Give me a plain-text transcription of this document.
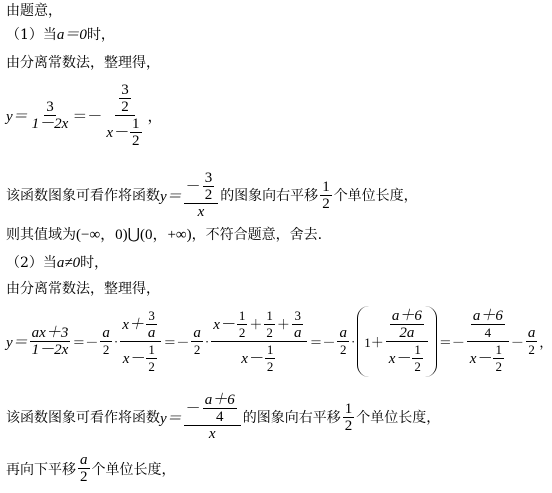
由题意，
（1）当a＝0时，
由分离常数法，整理得，
$y= \frac{3}{1-2x} =- 3$
2
x－
1
2 ，
该函数图象可看作将函数 y＝ －
3
2
x 的图象向右平移
1
2 个单位长度，
则其值域为(−∞，0)⋃(0，+∞)，不符合题意，舍去.
（2）当a≠0时，
由分离常数法，整理得，
$y= \frac{ax+3}{1-2x}$ ＝－
a
2
· x＋
3
a
x－
1
2 ＝－
a
2
· x－
1
2
＋
1
2
＋
3
a
x－
1
2 ＝－
a
2
· 1＋ a＋6
2a
x－
1
2 ＝－ a＋6
4
x－
1
2 －
a
2 ，
该函数图象可看作将函数 y＝ －
a＋6
4
x 的图象向右平移
1
2 个单位长度，
再向下平移
a
2 个单位长度，
